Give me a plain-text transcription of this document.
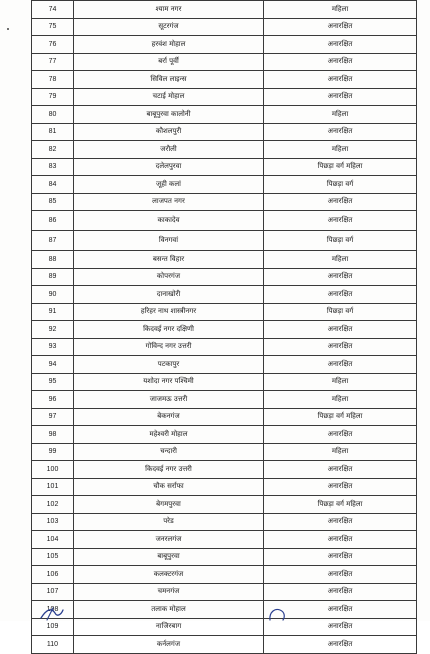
74	श्याम नगर	महिला
75	सूटरगंज	अनारक्षित
76	हरवंश मोहाल	अनारक्षित
77	बर्रा पूर्वी	अनारक्षित
78	सिविल लाइन्स	अनारक्षित
79	चटाई मोहाल	अनारक्षित
80	बाबूपुरवा कालोनी	महिला
81	कौशलपुरी	अनारक्षित
82	जरौली	महिला
83	दलेलपुरवा	पिछड़ा वर्ग महिला
84	जूही कलां	पिछड़ा वर्ग
85	लाजपत नगर	अनारक्षित
86	काकादेव	अनारक्षित
87	विनगवां	पिछड़ा वर्ग
88	बसन्त विहार	महिला
89	कोपरगंज	अनारक्षित
90	दानाखोरी	अनारक्षित
91	हरिहर नाथ शास्त्रीनगर	पिछड़ा वर्ग
92	किदवई नगर दक्षिणी	अनारक्षित
93	गोविन्द नगर उत्तरी	अनारक्षित
94	पटकापुर	अनारक्षित
95	यशोदा नगर पश्चिमी	महिला
96	जाजमऊ उत्तरी	महिला
97	बेकनगंज	पिछड़ा वर्ग महिला
98	महेश्वरी मोहाल	अनारक्षित
99	चन्दारी	महिला
100	किदवई नगर उत्तरी	अनारक्षित
101	चौक सर्राफा	अनारक्षित
102	बेगमपुरवा	पिछड़ा वर्ग महिला
103	परेड	अनारक्षित
104	जनरलगंज	अनारक्षित
105	बाबूपुरवा	अनारक्षित
106	कलक्टरगंज	अनारक्षित
107	चमनगंज	अनारक्षित
108	तलाक मोहाल	अनारक्षित
109	नाजिरबाग	अनारक्षित
110	कर्नलगंज	अनारक्षित
